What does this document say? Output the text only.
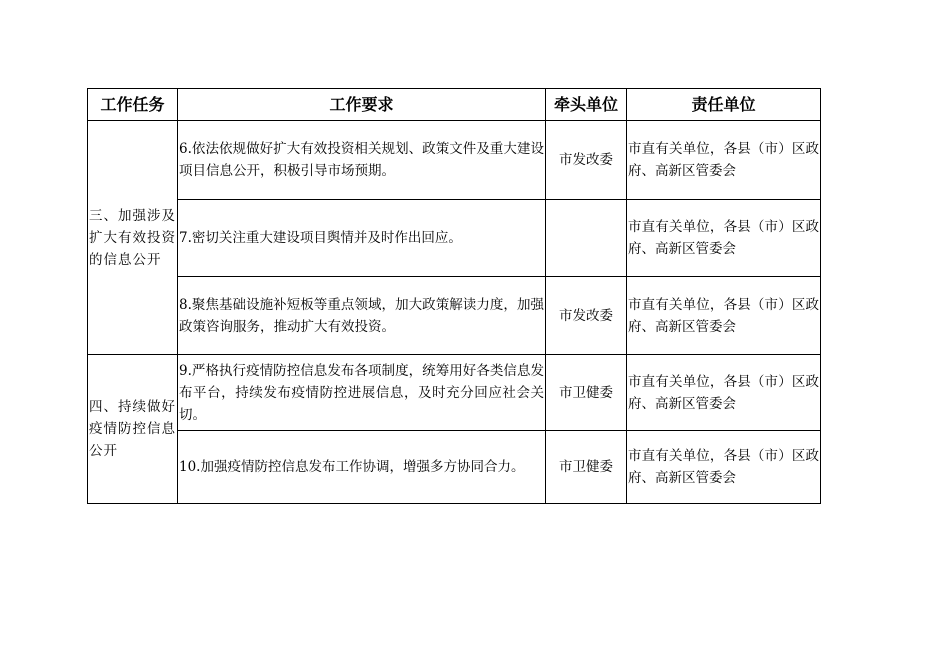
工作任务	工作要求	牵头单位	责任单位
三、加强涉及扩大有效投资的信息公开	6.依法依规做好扩大有效投资相关规划、政策文件及重大建设项目信息公开，积极引导市场预期。	市发改委	市直有关单位，各县（市）区政府、高新区管委会
	7.密切关注重大建设项目舆情并及时作出回应。		市直有关单位，各县（市）区政府、高新区管委会
	8.聚焦基础设施补短板等重点领域，加大政策解读力度，加强政策咨询服务，推动扩大有效投资。	市发改委	市直有关单位，各县（市）区政府、高新区管委会
四、持续做好疫情防控信息公开	9.严格执行疫情防控信息发布各项制度，统筹用好各类信息发布平台，持续发布疫情防控进展信息，及时充分回应社会关切。	市卫健委	市直有关单位，各县（市）区政府、高新区管委会
	10.加强疫情防控信息发布工作协调，增强多方协同合力。	市卫健委	市直有关单位，各县（市）区政府、高新区管委会
